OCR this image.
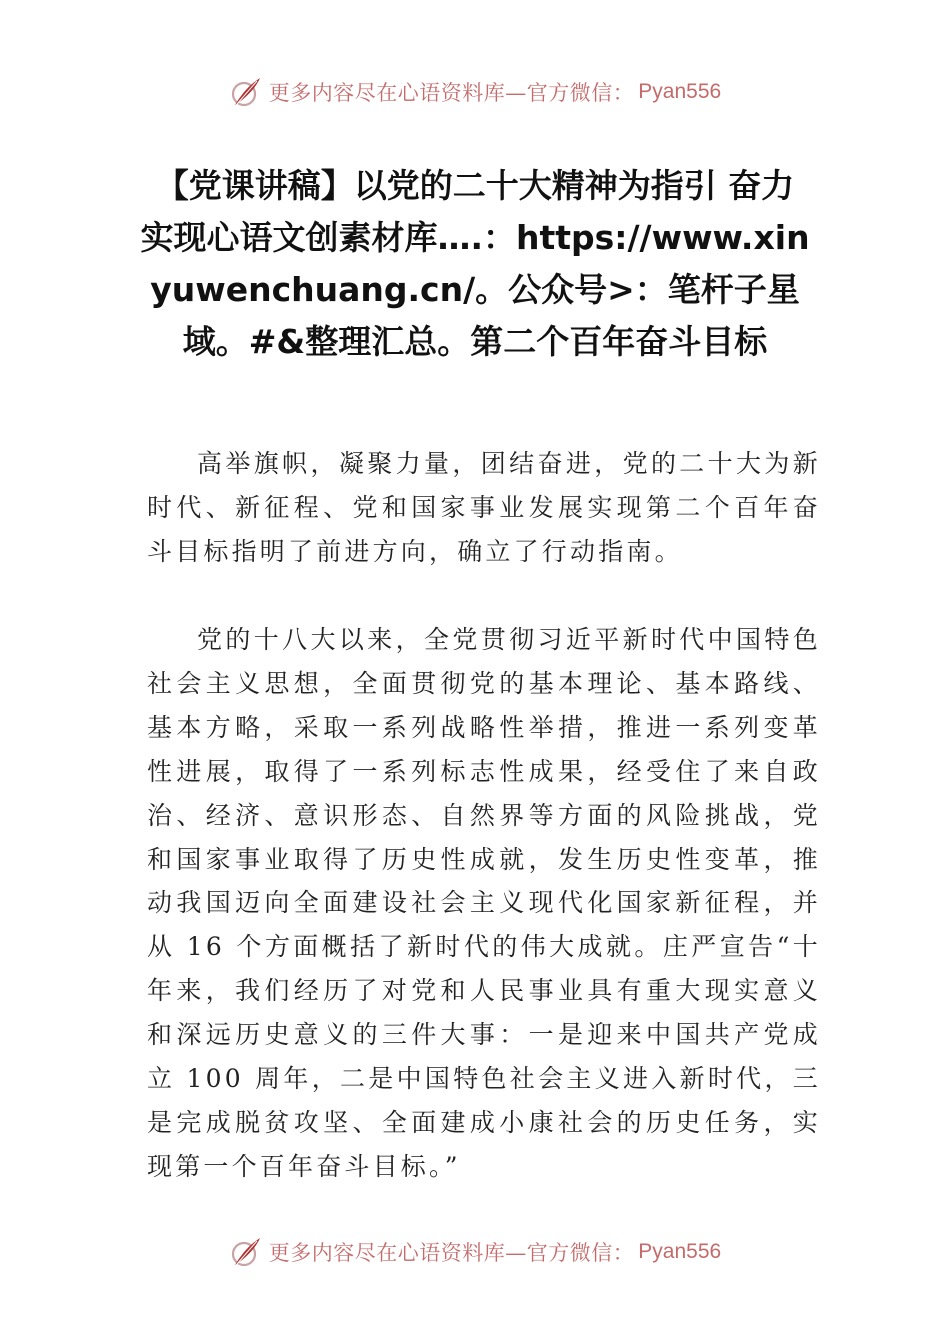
更多内容尽在心语资料库—官方微信： Pyan556
【党课讲稿】以党的二十大精神为指引 奋力实现心语文创素材库….：https://www.xinyuwenchuang.cn/。公众号>：笔杆子星域。#&整理汇总。第二个百年奋斗目标

高举旗帜，凝聚力量，团结奋进，党的二十大为新时代、新征程、党和国家事业发展实现第二个百年奋斗目标指明了前进方向，确立了行动指南。

党的十八大以来，全党贯彻习近平新时代中国特色社会主义思想，全面贯彻党的基本理论、基本路线、基本方略，采取一系列战略性举措，推进一系列变革性进展，取得了一系列标志性成果，经受住了来自政治、经济、意识形态、自然界等方面的风险挑战，党和国家事业取得了历史性成就，发生历史性变革，推动我国迈向全面建设社会主义现代化国家新征程，并从 16 个方面概括了新时代的伟大成就。庄严宣告“十年来，我们经历了对党和人民事业具有重大现实意义和深远历史意义的三件大事：一是迎来中国共产党成立 100 周年，二是中国特色社会主义进入新时代，三是完成脱贫攻坚、全面建成小康社会的历史任务，实现第一个百年奋斗目标。”

更多内容尽在心语资料库—官方微信： Pyan556
